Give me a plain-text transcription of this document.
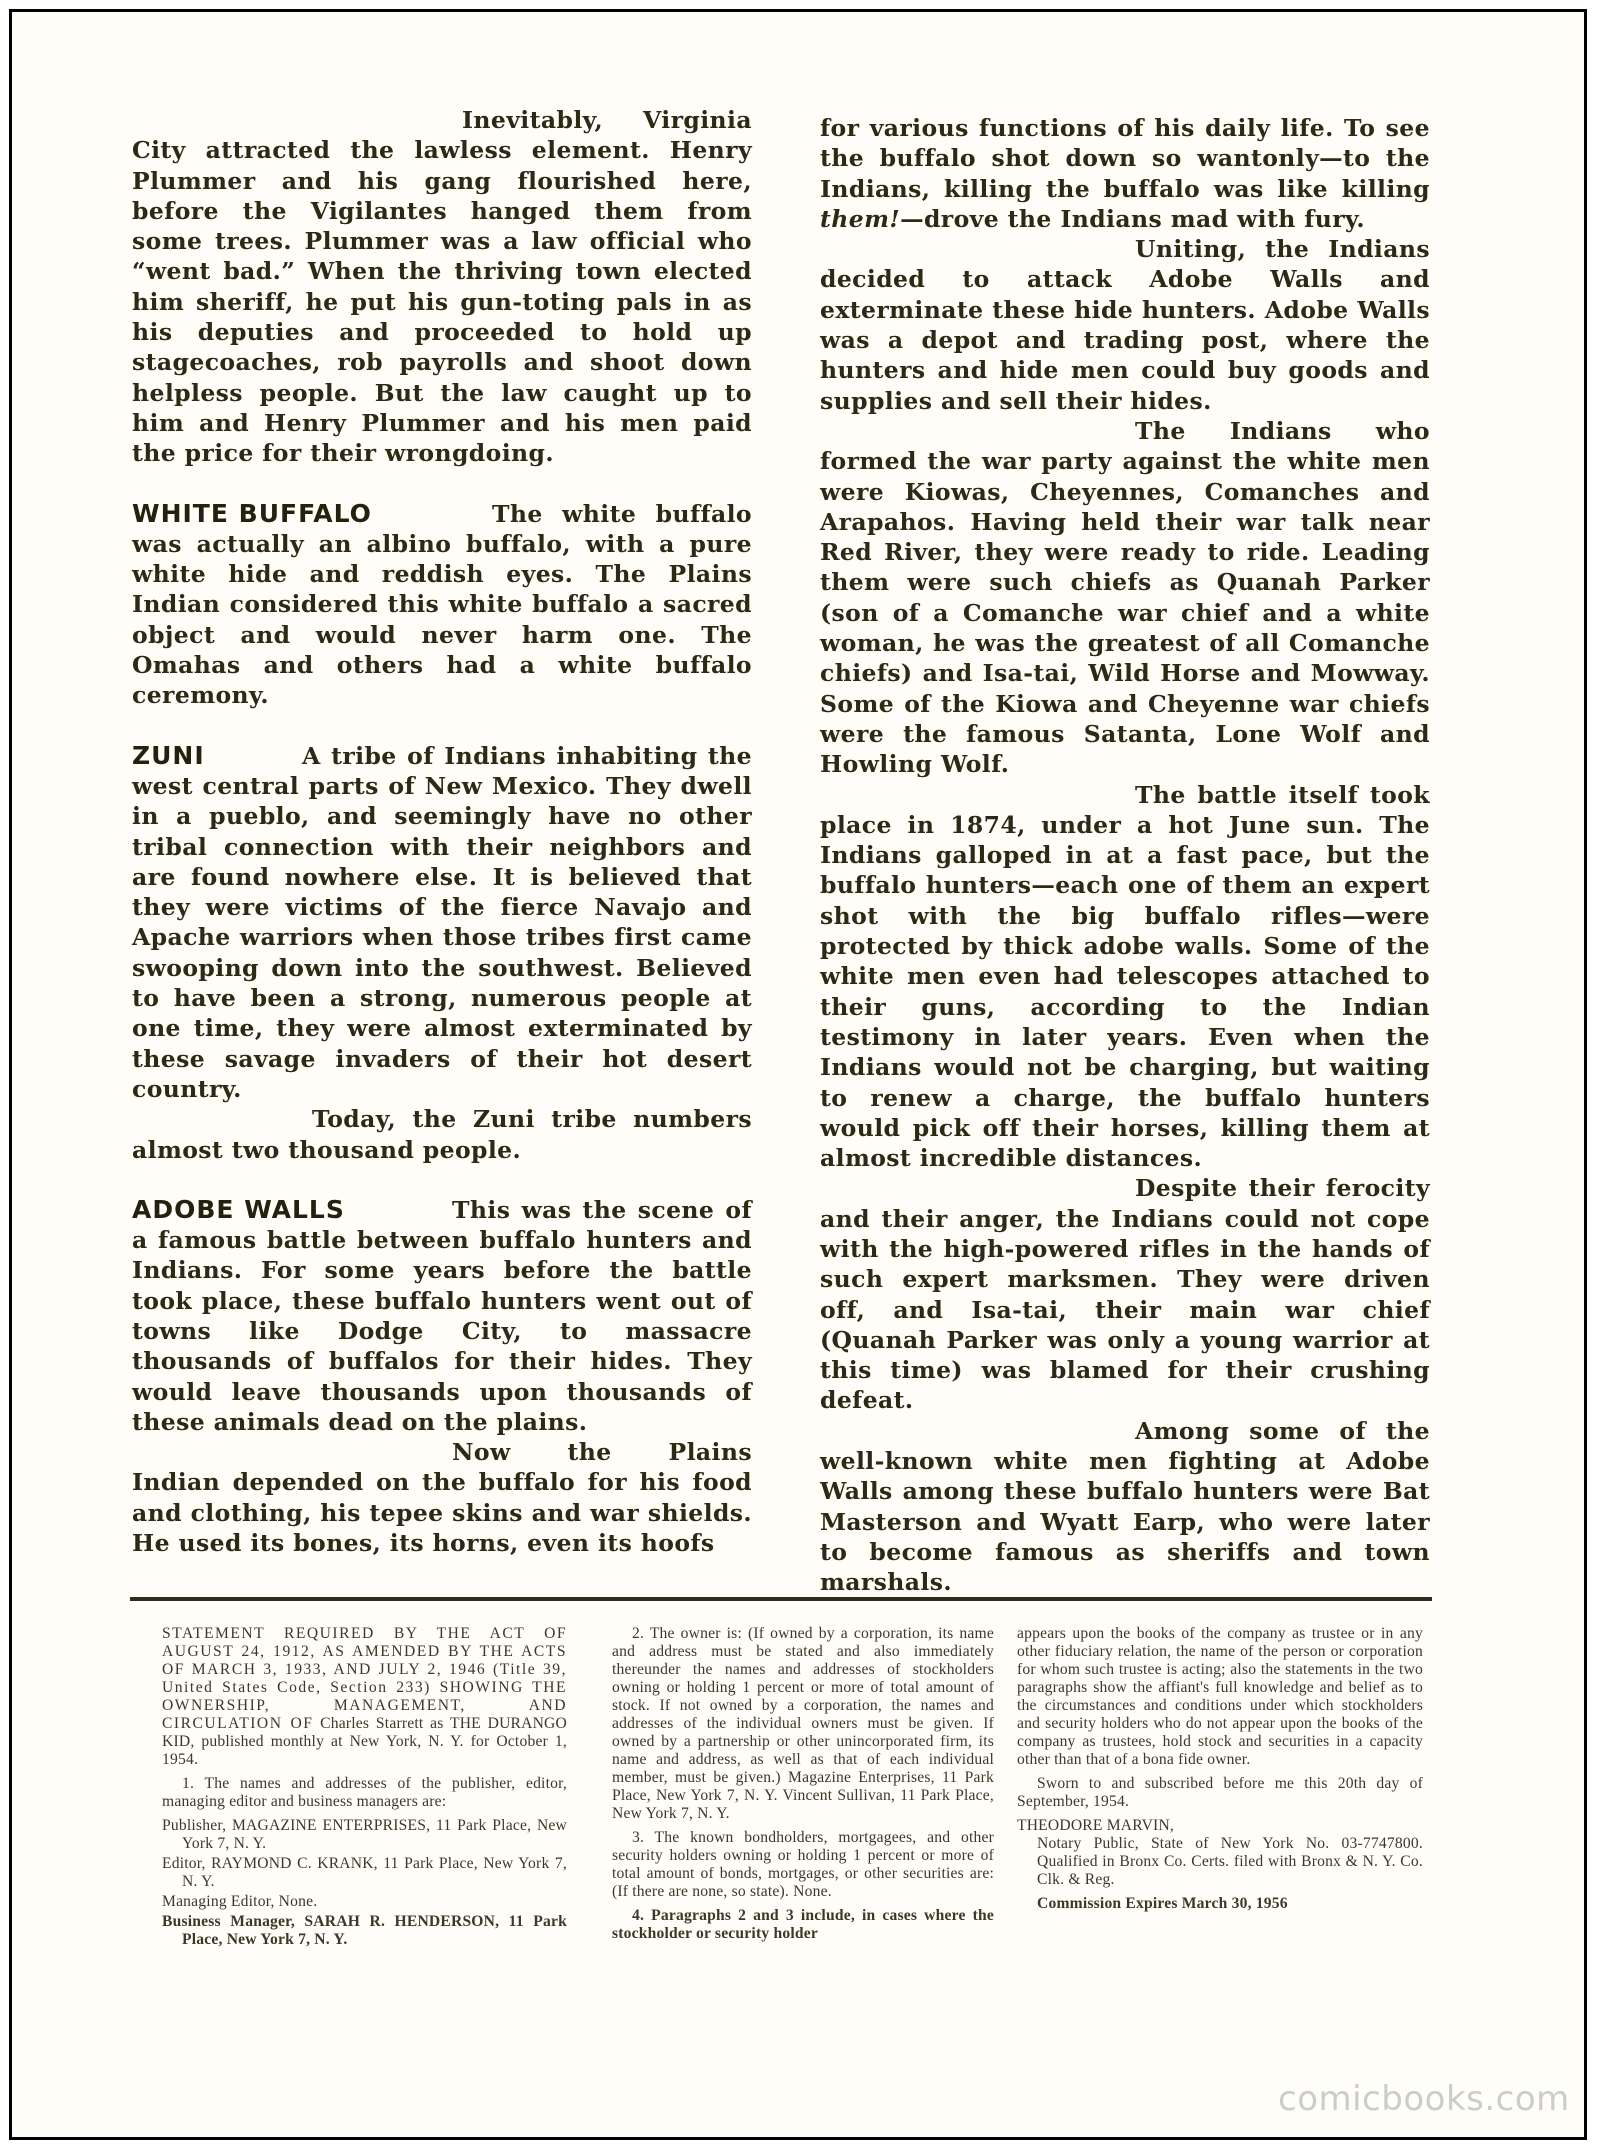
Inevitably, Virginia City attracted the lawless element. Henry Plummer and his gang flourished here, before the Vigilantes hanged them from some trees. Plummer was a law official who “went bad.” When the thriving town elected him sheriff, he put his gun-toting pals in as his deputies and proceeded to hold up stagecoaches, rob payrolls and shoot down helpless people. But the law caught up to him and Henry Plummer and his men paid the price for their wrongdoing.

WHITE BUFFALO	The white buffalo was actually an albino buffalo, with a pure white hide and reddish eyes. The Plains Indian considered this white buffalo a sacred object and would never harm one. The Omahas and others had a white buffalo ceremony.

ZUNI	A tribe of Indians inhabiting the west central parts of New Mexico. They dwell in a pueblo, and seemingly have no other tribal connection with their neighbors and are found nowhere else. It is believed that they were victims of the fierce Navajo and Apache warriors when those tribes first came swooping down into the southwest. Believed to have been a strong, numerous people at one time, they were almost exterminated by these savage invaders of their hot desert country.

Today, the Zuni tribe numbers almost two thousand people.

ADOBE WALLS	This was the scene of a famous battle between buffalo hunters and Indians. For some years before the battle took place, these buffalo hunters went out of towns like Dodge City, to massacre thousands of buffalos for their hides. They would leave thousands upon thousands of these animals dead on the plains.

Now the Plains Indian depended on the buffalo for his food and clothing, his tepee skins and war shields. He used its bones, its horns, even its hoofs

for various functions of his daily life. To see the buffalo shot down so wantonly—to the Indians, killing the buffalo was like killing them!—drove the Indians mad with fury.

Uniting, the Indians decided to attack Adobe Walls and exterminate these hide hunters. Adobe Walls was a depot and trading post, where the hunters and hide men could buy goods and supplies and sell their hides.

The Indians who formed the war party against the white men were Kiowas, Cheyennes, Comanches and Arapahos. Having held their war talk near Red River, they were ready to ride. Leading them were such chiefs as Quanah Parker (son of a Comanche war chief and a white woman, he was the greatest of all Comanche chiefs) and Isa-tai, Wild Horse and Mowway. Some of the Kiowa and Cheyenne war chiefs were the famous Satanta, Lone Wolf and Howling Wolf.

The battle itself took place in 1874, under a hot June sun. The Indians galloped in at a fast pace, but the buffalo hunters—each one of them an expert shot with the big buffalo rifles—were protected by thick adobe walls. Some of the white men even had telescopes attached to their guns, according to the Indian testimony in later years. Even when the Indians would not be charging, but waiting to renew a charge, the buffalo hunters would pick off their horses, killing them at almost incredible distances.

Despite their ferocity and their anger, the Indians could not cope with the high-powered rifles in the hands of such expert marksmen. They were driven off, and Isa-tai, their main war chief (Quanah Parker was only a young warrior at this time) was blamed for their crushing defeat.

Among some of the well-known white men fighting at Adobe Walls among these buffalo hunters were Bat Masterson and Wyatt Earp, who were later to become famous as sheriffs and town marshals.

STATEMENT REQUIRED BY THE ACT OF AUGUST 24, 1912, AS AMENDED BY THE ACTS OF MARCH 3, 1933, AND JULY 2, 1946 (Title 39, United States Code, Section 233) SHOWING THE OWNERSHIP, MANAGEMENT, AND CIRCULATION OF Charles Starrett as THE DURANGO KID, published monthly at New York, N. Y. for October 1, 1954.

1. The names and addresses of the publisher, editor, managing editor and business managers are:

Publisher, MAGAZINE ENTERPRISES, 11 Park Place, New York 7, N. Y.

Editor, RAYMOND C. KRANK, 11 Park Place, New York 7, N. Y.

Managing Editor, None.

Business Manager, SARAH R. HENDERSON, 11 Park Place, New York 7, N. Y.

2. The owner is: (If owned by a corporation, its name and address must be stated and also immediately thereunder the names and addresses of stockholders owning or holding 1 percent or more of total amount of stock. If not owned by a corporation, the names and addresses of the individual owners must be given. If owned by a partnership or other unincorporated firm, its name and address, as well as that of each individual member, must be given.) Magazine Enterprises, 11 Park Place, New York 7, N. Y. Vincent Sullivan, 11 Park Place, New York 7, N. Y.

3. The known bondholders, mortgagees, and other security holders owning or holding 1 percent or more of total amount of bonds, mortgages, or other securities are: (If there are none, so state). None.

4. Paragraphs 2 and 3 include, in cases where the stockholder or security holder

appears upon the books of the company as trustee or in any other fiduciary relation, the name of the person or corporation for whom such trustee is acting; also the statements in the two paragraphs show the affiant's full knowledge and belief as to the circumstances and conditions under which stockholders and security holders who do not appear upon the books of the company as trustees, hold stock and securities in a capacity other than that of a bona fide owner.

Sworn to and subscribed before me this 20th day of September, 1954.

THEODORE MARVIN,

Notary Public, State of New York No. 03-7747800. Qualified in Bronx Co. Certs. filed with Bronx & N. Y. Co. Clk. & Reg.

Commission Expires March 30, 1956

comicbooks.com
